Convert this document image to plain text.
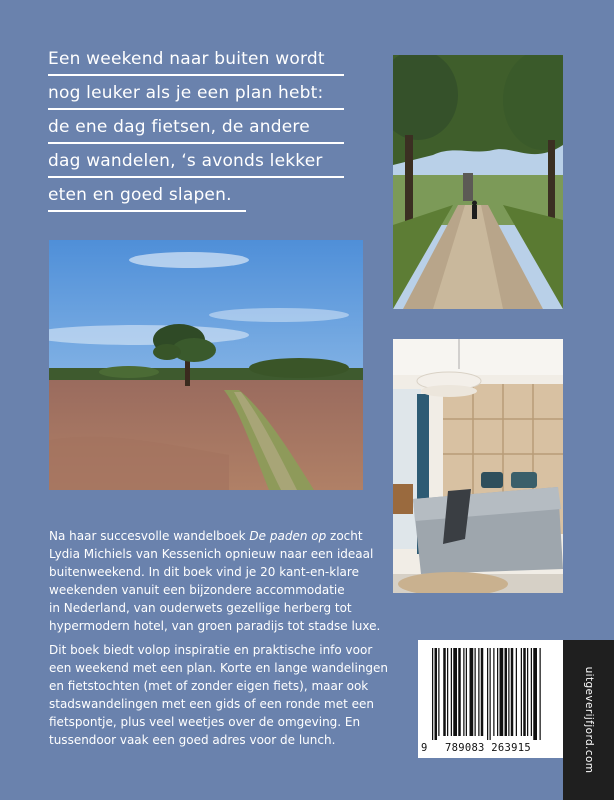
Een weekend naar buiten wordt
nog leuker als je een plan hebt:
de ene dag fietsen, de andere
dag wandelen, ‘s avonds lekker
eten en goed slapen.

Na haar succesvolle wandelboek De paden op zocht
Lydia Michiels van Kessenich opnieuw naar een ideaal
buitenweekend. In dit boek vind je 20 kant-en-klare
weekenden vanuit een bijzondere accommodatie
in Nederland, van ouderwets gezellige herberg tot
hypermodern hotel, van groen paradijs tot stadse luxe.

Dit boek biedt volop inspiratie en praktische info voor
een weekend met een plan. Korte en lange wandelingen
en fietstochten (met of zonder eigen fiets), maar ook
stadswandelingen met een gids of een ronde met een
fietspontje, plus veel weetjes over de omgeving. En
tussendoor vaak een goed adres voor de lunch.

9	789083 263915	uitgeverijfjord.com
